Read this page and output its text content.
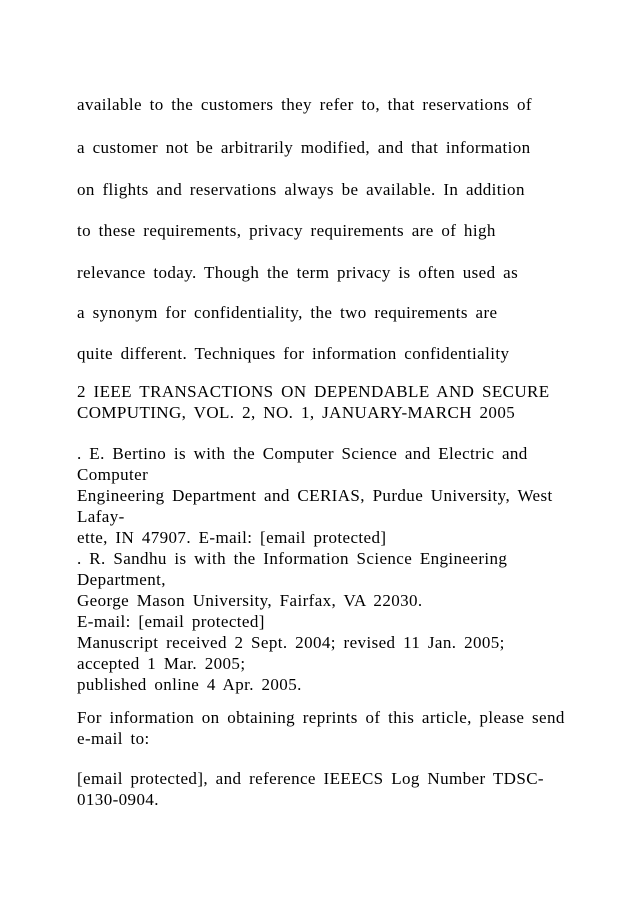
available to the customers they refer to, that reservations of
a customer not be arbitrarily modified, and that information
on flights and reservations always be available. In addition
to these requirements, privacy requirements are of high
relevance today. Though the term privacy is often used as
a synonym for confidentiality, the two requirements are
quite different. Techniques for information confidentiality
2 IEEE TRANSACTIONS ON DEPENDABLE AND SECURE
COMPUTING, VOL. 2, NO. 1, JANUARY-MARCH 2005
. E. Bertino is with the Computer Science and Electric and
Computer
Engineering Department and CERIAS, Purdue University, West
Lafay-
ette, IN 47907. E-mail: [email protected]
. R. Sandhu is with the Information Science Engineering
Department,
George Mason University, Fairfax, VA 22030.
E-mail: [email protected]
Manuscript received 2 Sept. 2004; revised 11 Jan. 2005;
accepted 1 Mar. 2005;
published online 4 Apr. 2005.
For information on obtaining reprints of this article, please send
e-mail to:
[email protected], and reference IEEECS Log Number TDSC-
0130-0904.
